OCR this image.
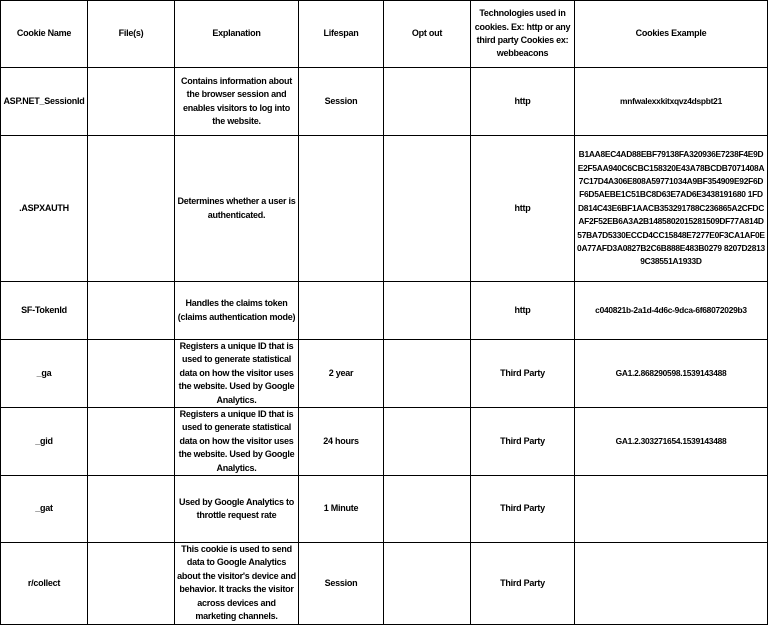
Cookie Name	File(s)	Explanation	Lifespan	Opt out	Technologies used in cookies. Ex: http or any third party Cookies ex: webbeacons	Cookies Example
ASP.NET_SessionId		Contains information about the browser session and enables visitors to log into the website.	Session		http	mnfwalexxkitxqvz4dspbt21
.ASPXAUTH		Determines whether a user is authenticated.			http	B1AA8EC4AD88EBF79138FA320936E7238F4E9DE2F5AA940C6CBC158320E43A78BCDB7071408A7C17D4A306E808A59771034A9BF354909E92F6DF6D5AEBE1C51BC8D63E7AD6E3438191680 1FDD814C43E6BF1AACB353291788C236865A2CFDCAF2F52EB6A3A2B1485802015281509DF77A814D57BA7D5330ECCD4CC15848E7277E0F3CA1AF0E0A77AFD3A0827B2C6B888E483B0279 8207D28139C38551A1933D
SF-TokenId		Handles the claims token (claims authentication mode)			http	c040821b-2a1d-4d6c-9dca-6f68072029b3
_ga		Registers a unique ID that is used to generate statistical data on how the visitor uses the website. Used by Google Analytics.	2 year		Third Party	GA1.2.868290598.1539143488
_gid		Registers a unique ID that is used to generate statistical data on how the visitor uses the website. Used by Google Analytics.	24 hours		Third Party	GA1.2.303271654.1539143488
_gat		Used by Google Analytics to throttle request rate	1 Minute		Third Party	
r/collect		This cookie is used to send data to Google Analytics about the visitor's device and behavior. It tracks the visitor across devices and marketing channels.	Session		Third Party	
